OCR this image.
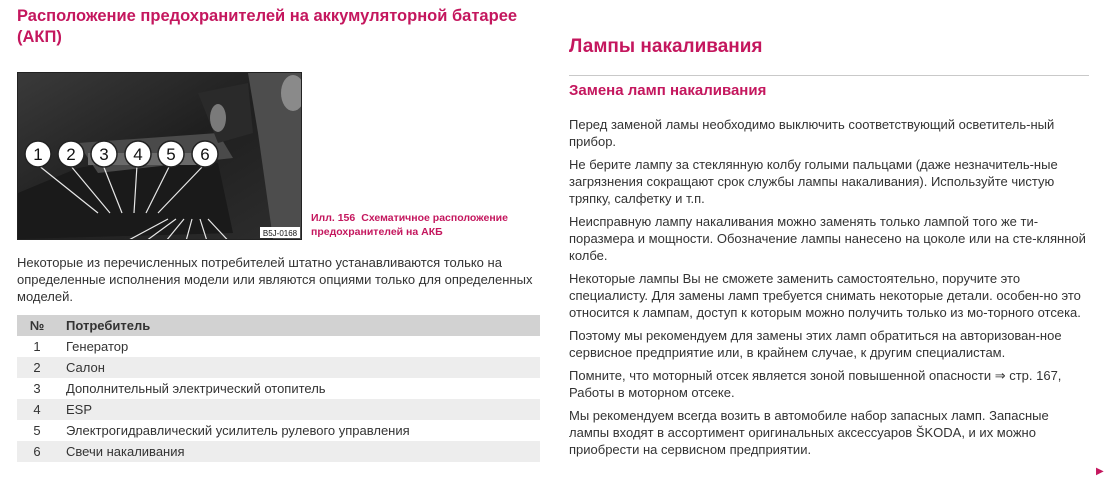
Расположение предохранителей на аккумуляторной батарее (АКП)
1 2 3 4 5 6
B5J-0168
Илл. 156 Схематичное расположение предохранителей на АКБ

Некоторые из перечисленных потребителей штатно устанавливаются только на определенные исполнения модели или являются опциями только для определенных моделей.

№	Потребитель
1	Генератор
2	Салон
3	Дополнительный электрический отопитель
4	ESP
5	Электрогидравлический усилитель рулевого управления
6	Свечи накаливания
Лампы накаливания
Замена ламп накаливания

Перед заменой ламы необходимо выключить соответствующий осветитель-ный прибор.

Не берите лампу за стеклянную колбу голыми пальцами (даже незначитель-ные загрязнения сокращают срок службы лампы накаливания). Используйте чистую тряпку, салфетку и т.п.

Неисправную лампу накаливания можно заменять только лампой того же ти-поразмера и мощности. Обозначение лампы нанесено на цоколе или на сте-клянной колбе.

Некоторые лампы Вы не сможете заменить самостоятельно, поручите это специалисту. Для замены ламп требуется снимать некоторые детали. особен-но это относится к лампам, доступ к которым можно получить только из мо-торного отсека.

Поэтому мы рекомендуем для замены этих ламп обратиться на авторизован-ное сервисное предприятие или, в крайнем случае, к другим специалистам.

Помните, что моторный отсек является зоной повышенной опасности ⇒ стр. 167, Работы в моторном отсеке.

Мы рекомендуем всегда возить в автомобиле набор запасных ламп. Запасные лампы входят в ассортимент оригинальных аксессуаров ŠKODA, и их можно приобрести на сервисном предприятии.

▶
